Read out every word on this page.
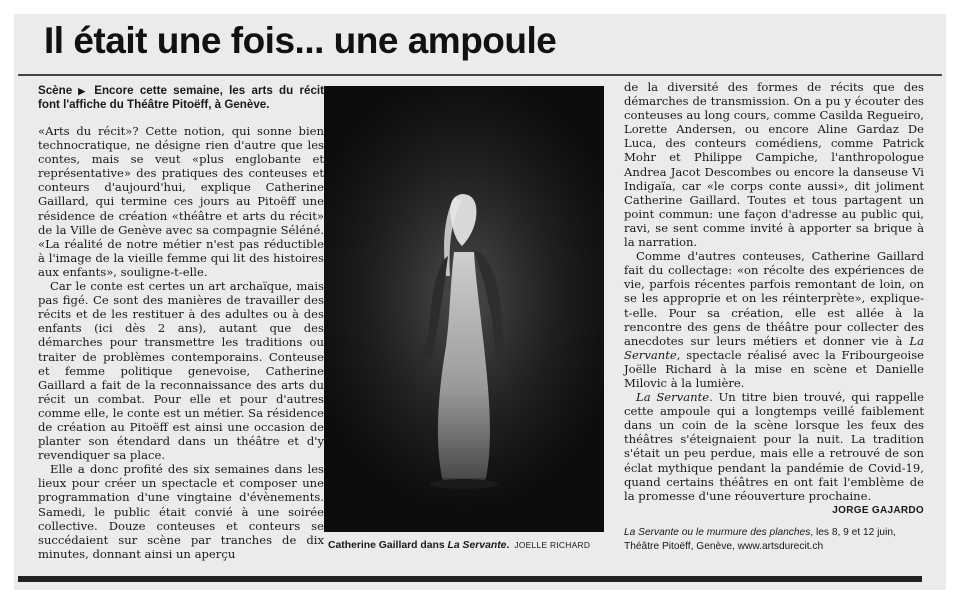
Il était une fois... une ampoule
Scène ▶ Encore cette semaine, les arts du récit font l'affiche du Théâtre Pitoëff, à Genève.

«Arts du récit»? Cette notion, qui sonne bien technocratique, ne désigne rien d'autre que les contes, mais se veut «plus englobante et représentative» des pratiques des conteuses et conteurs d'aujourd'hui, explique Catherine Gaillard, qui termine ces jours au Pitoëff une résidence de création «théâtre et arts du récit» de la Ville de Genève avec sa compagnie Séléné. «La réalité de notre métier n'est pas réductible à l'image de la vieille femme qui lit des histoires aux enfants», souligne-t-elle.

Car le conte est certes un art archaïque, mais pas figé. Ce sont des manières de travailler des récits et de les restituer à des adultes ou à des enfants (ici dès 2 ans), autant que des démarches pour transmettre les traditions ou traiter de problèmes contemporains. Conteuse et femme politique genevoise, Catherine Gaillard a fait de la reconnaissance des arts du récit un combat. Pour elle et pour d'autres comme elle, le conte est un métier. Sa résidence de création au Pitoëff est ainsi une occasion de planter son étendard dans un théâtre et d'y revendiquer sa place.

Elle a donc profité des six semaines dans les lieux pour créer un spectacle et composer une programmation d'une vingtaine d'évènements. Samedi, le public était convié à une soirée collective. Douze conteuses et conteurs se succédaient sur scène par tranches de dix minutes, donnant ainsi un aperçu

Catherine Gaillard dans La Servante. JOELLE RICHARD

de la diversité des formes de récits que des démarches de transmission. On a pu y écouter des conteuses au long cours, comme Casilda Regueiro, Lorette Andersen, ou encore Aline Gardaz De Luca, des conteurs comédiens, comme Patrick Mohr et Philippe Campiche, l'anthropologue Andrea Jacot Descombes ou encore la danseuse Vi Indigaïa, car «le corps conte aussi», dit joliment Catherine Gaillard. Toutes et tous partagent un point commun: une façon d'adresse au public qui, ravi, se sent comme invité à apporter sa brique à la narration.

Comme d'autres conteuses, Catherine Gaillard fait du collectage: «on récolte des expériences de vie, parfois récentes parfois remontant de loin, on se les approprie et on les réinterprète», explique-t-elle. Pour sa création, elle est allée à la rencontre des gens de théâtre pour collecter des anecdotes sur leurs métiers et donner vie à La Servante, spectacle réalisé avec la Fribourgeoise Joëlle Richard à la mise en scène et Danielle Milovic à la lumière.

La Servante. Un titre bien trouvé, qui rappelle cette ampoule qui a longtemps veillé faiblement dans un coin de la scène lorsque les feux des théâtres s'éteignaient pour la nuit. La tradition s'était un peu perdue, mais elle a retrouvé de son éclat mythique pendant la pandémie de Covid-19, quand certains théâtres en ont fait l'emblème de la promesse d'une réouverture prochaine.

JORGE GAJARDO
La Servante ou le murmure des planches, les 8, 9 et 12 juin,
Théâtre Pitoëff, Genève, www.artsdurecit.ch
